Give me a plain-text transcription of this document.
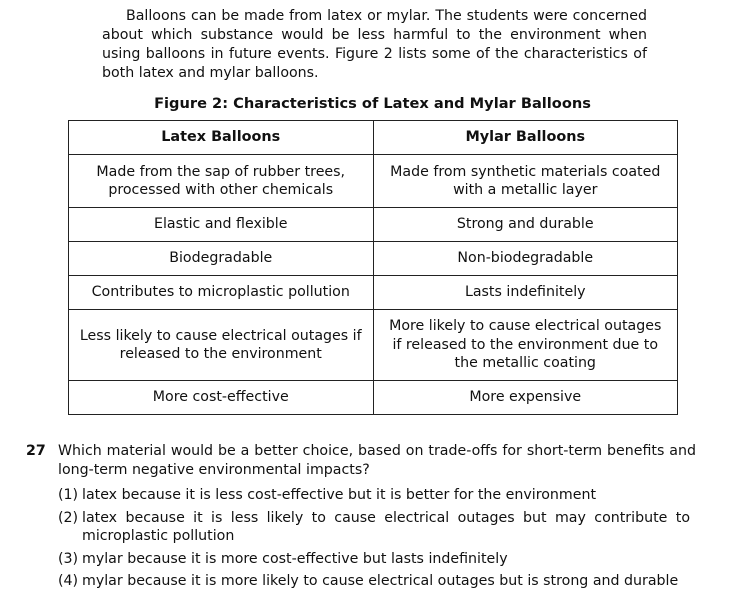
Balloons can be made from latex or mylar. The students were concerned about which substance would be less harmful to the environment when using balloons in future events. Figure 2 lists some of the characteristics of both latex and mylar balloons.

Figure 2: Characteristics of Latex and Mylar Balloons

Latex Balloons	Mylar Balloons
Made from the sap of rubber trees, processed with other chemicals	Made from synthetic materials coated with a metallic layer
Elastic and flexible	Strong and durable
Biodegradable	Non-biodegradable
Contributes to microplastic pollution	Lasts indefinitely
Less likely to cause electrical outages if released to the environment	More likely to cause electrical outages if released to the environment due to the metallic coating
More cost-effective	More expensive
27 Which material would be a better choice, based on trade-offs for short-term benefits and long-term negative environmental impacts?
(1) latex because it is less cost-effective but it is better for the environment
(2) latex because it is less likely to cause electrical outages but may contribute to microplastic pollution
(3) mylar because it is more cost-effective but lasts indefinitely
(4) mylar because it is more likely to cause electrical outages but is strong and durable
